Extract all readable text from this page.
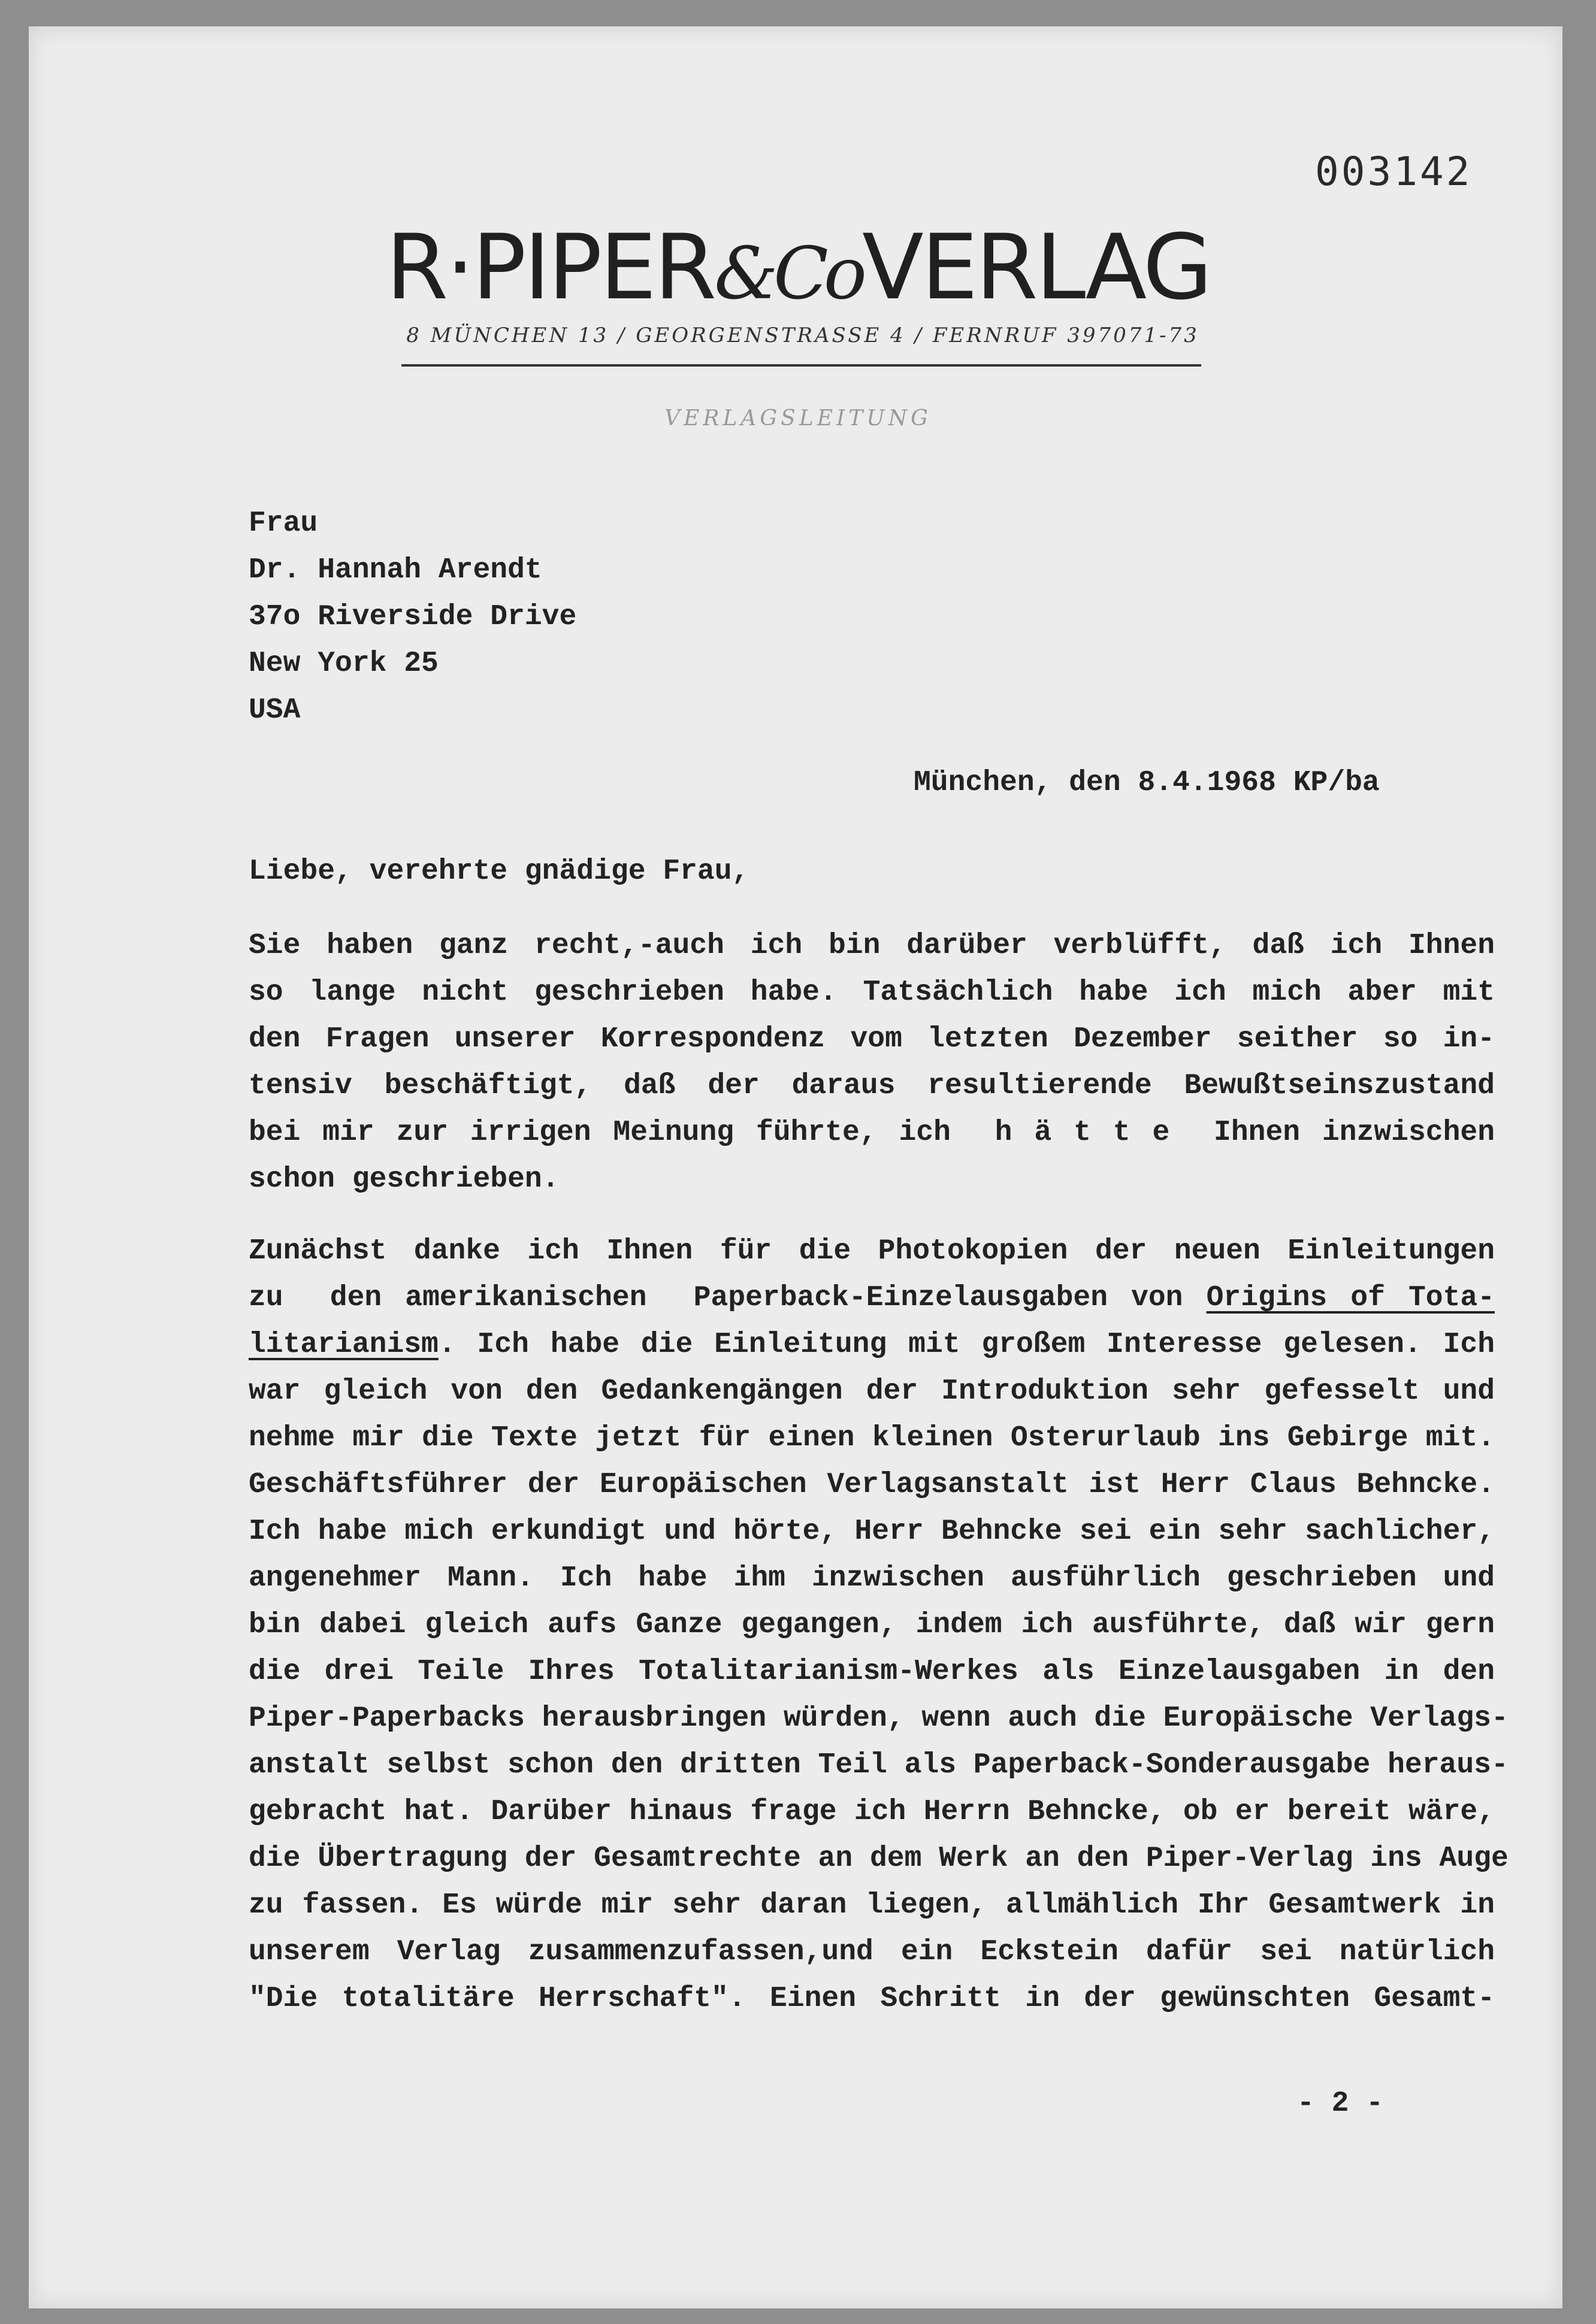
003142
R·PIPER&CoVERLAG
8 MÜNCHEN 13 / GEORGENSTRASSE 4 / FERNRUF 397071-73
VERLAGSLEITUNG
Frau
Dr. Hannah Arendt
37o Riverside Drive
New York 25
USA
München, den 8.4.1968 KP/ba
Liebe, verehrte gnädige Frau,
Sie haben ganz recht,-auch ich bin darüber verblüfft, daß ich Ihnen
so lange nicht geschrieben habe. Tatsächlich habe ich mich aber mit
den Fragen unserer Korrespondenz vom letzten Dezember seither so in-
tensiv beschäftigt, daß der daraus resultierende Bewußtseinszustand
bei mir zur irrigen Meinung führte, ich  h ä t t e  Ihnen inzwischen
schon geschrieben.
Zunächst danke ich Ihnen für die Photokopien der neuen Einleitungen
zu  den amerikanischen  Paperback-Einzelausgaben von Origins of Tota-
litarianism. Ich habe die Einleitung mit großem Interesse gelesen. Ich
war gleich von den Gedankengängen der Introduktion sehr gefesselt und
nehme mir die Texte jetzt für einen kleinen Osterurlaub ins Gebirge mit.
Geschäftsführer der Europäischen Verlagsanstalt ist Herr Claus Behncke.
Ich habe mich erkundigt und hörte, Herr Behncke sei ein sehr sachlicher,
angenehmer Mann. Ich habe ihm inzwischen ausführlich geschrieben und
bin dabei gleich aufs Ganze gegangen, indem ich ausführte, daß wir gern
die drei Teile Ihres Totalitarianism-Werkes als Einzelausgaben in den
Piper-Paperbacks herausbringen würden, wenn auch die Europäische Verlags-
anstalt selbst schon den dritten Teil als Paperback-Sonderausgabe heraus-
gebracht hat. Darüber hinaus frage ich Herrn Behncke, ob er bereit wäre,
die Übertragung der Gesamtrechte an dem Werk an den Piper-Verlag ins Auge
zu fassen. Es würde mir sehr daran liegen, allmählich Ihr Gesamtwerk in
unserem Verlag zusammenzufassen,und ein Eckstein dafür sei natürlich
"Die totalitäre Herrschaft". Einen Schritt in der gewünschten Gesamt-
- 2 -
